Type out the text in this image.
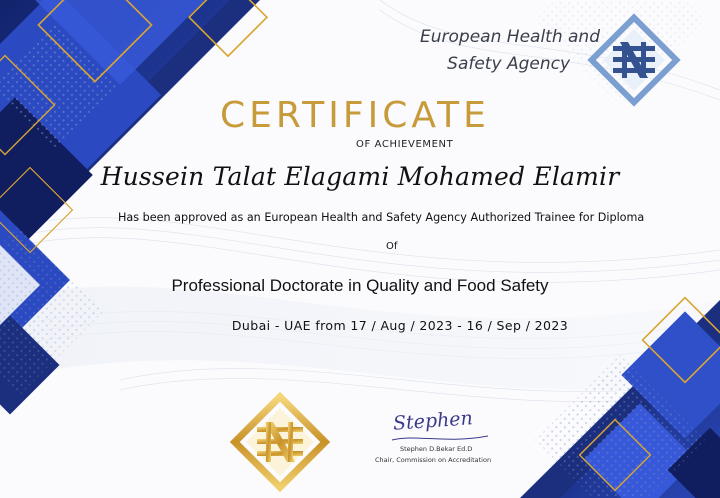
European Health and
Safety Agency
CERTIFICATE
OF ACHIEVEMENT
Hussein Talat Elagami Mohamed Elamir
Has been approved as an European Health and Safety Agency Authorized Trainee for Diploma
Of
Professional Doctorate in Quality and Food Safety
Dubai - UAE from 17 / Aug / 2023 - 16 / Sep / 2023
Stephen
Stephen D.Bekar Ed.D
Chair, Commission on Accreditation
